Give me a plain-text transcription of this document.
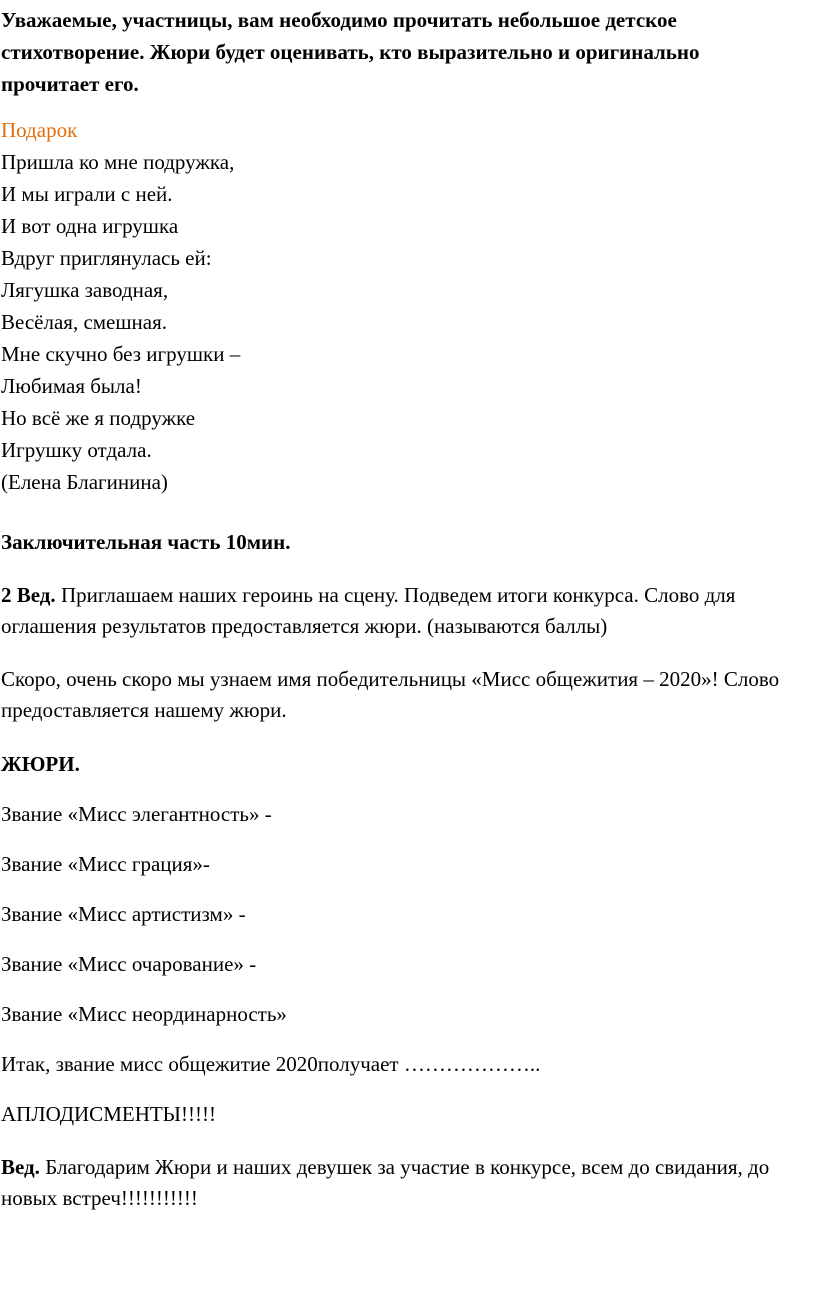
Уважаемые, участницы, вам необходимо прочитать небольшое детское стихотворение. Жюри будет оценивать, кто выразительно и оригинально прочитает его.

Подарок

Пришла ко мне подружка,

И мы играли с ней.

И вот одна игрушка

Вдруг приглянулась ей:

Лягушка заводная,

Весёлая, смешная.

Мне скучно без игрушки –

Любимая была!

Но всё же я подружке

Игрушку отдала.

(Елена Благинина)

Заключительная часть 10мин.

2 Вед. Приглашаем наших героинь на сцену. Подведем итоги конкурса. Слово для оглашения результатов предоставляется жюри. (называются баллы)

Скоро, очень скоро мы узнаем имя победительницы «Мисс общежития – 2020»! Слово предоставляется нашему жюри.

ЖЮРИ.

Звание «Мисс элегантность» -

Звание «Мисс грация»-

Звание «Мисс артистизм» -

Звание «Мисс очарование» -

Звание «Мисс неординарность»

Итак, звание мисс общежитие 2020получает ………………..

АПЛОДИСМЕНТЫ!!!!!

Вед. Благодарим Жюри и наших девушек за участие в конкурсе, всем до свидания, до новых встреч!!!!!!!!!!!
